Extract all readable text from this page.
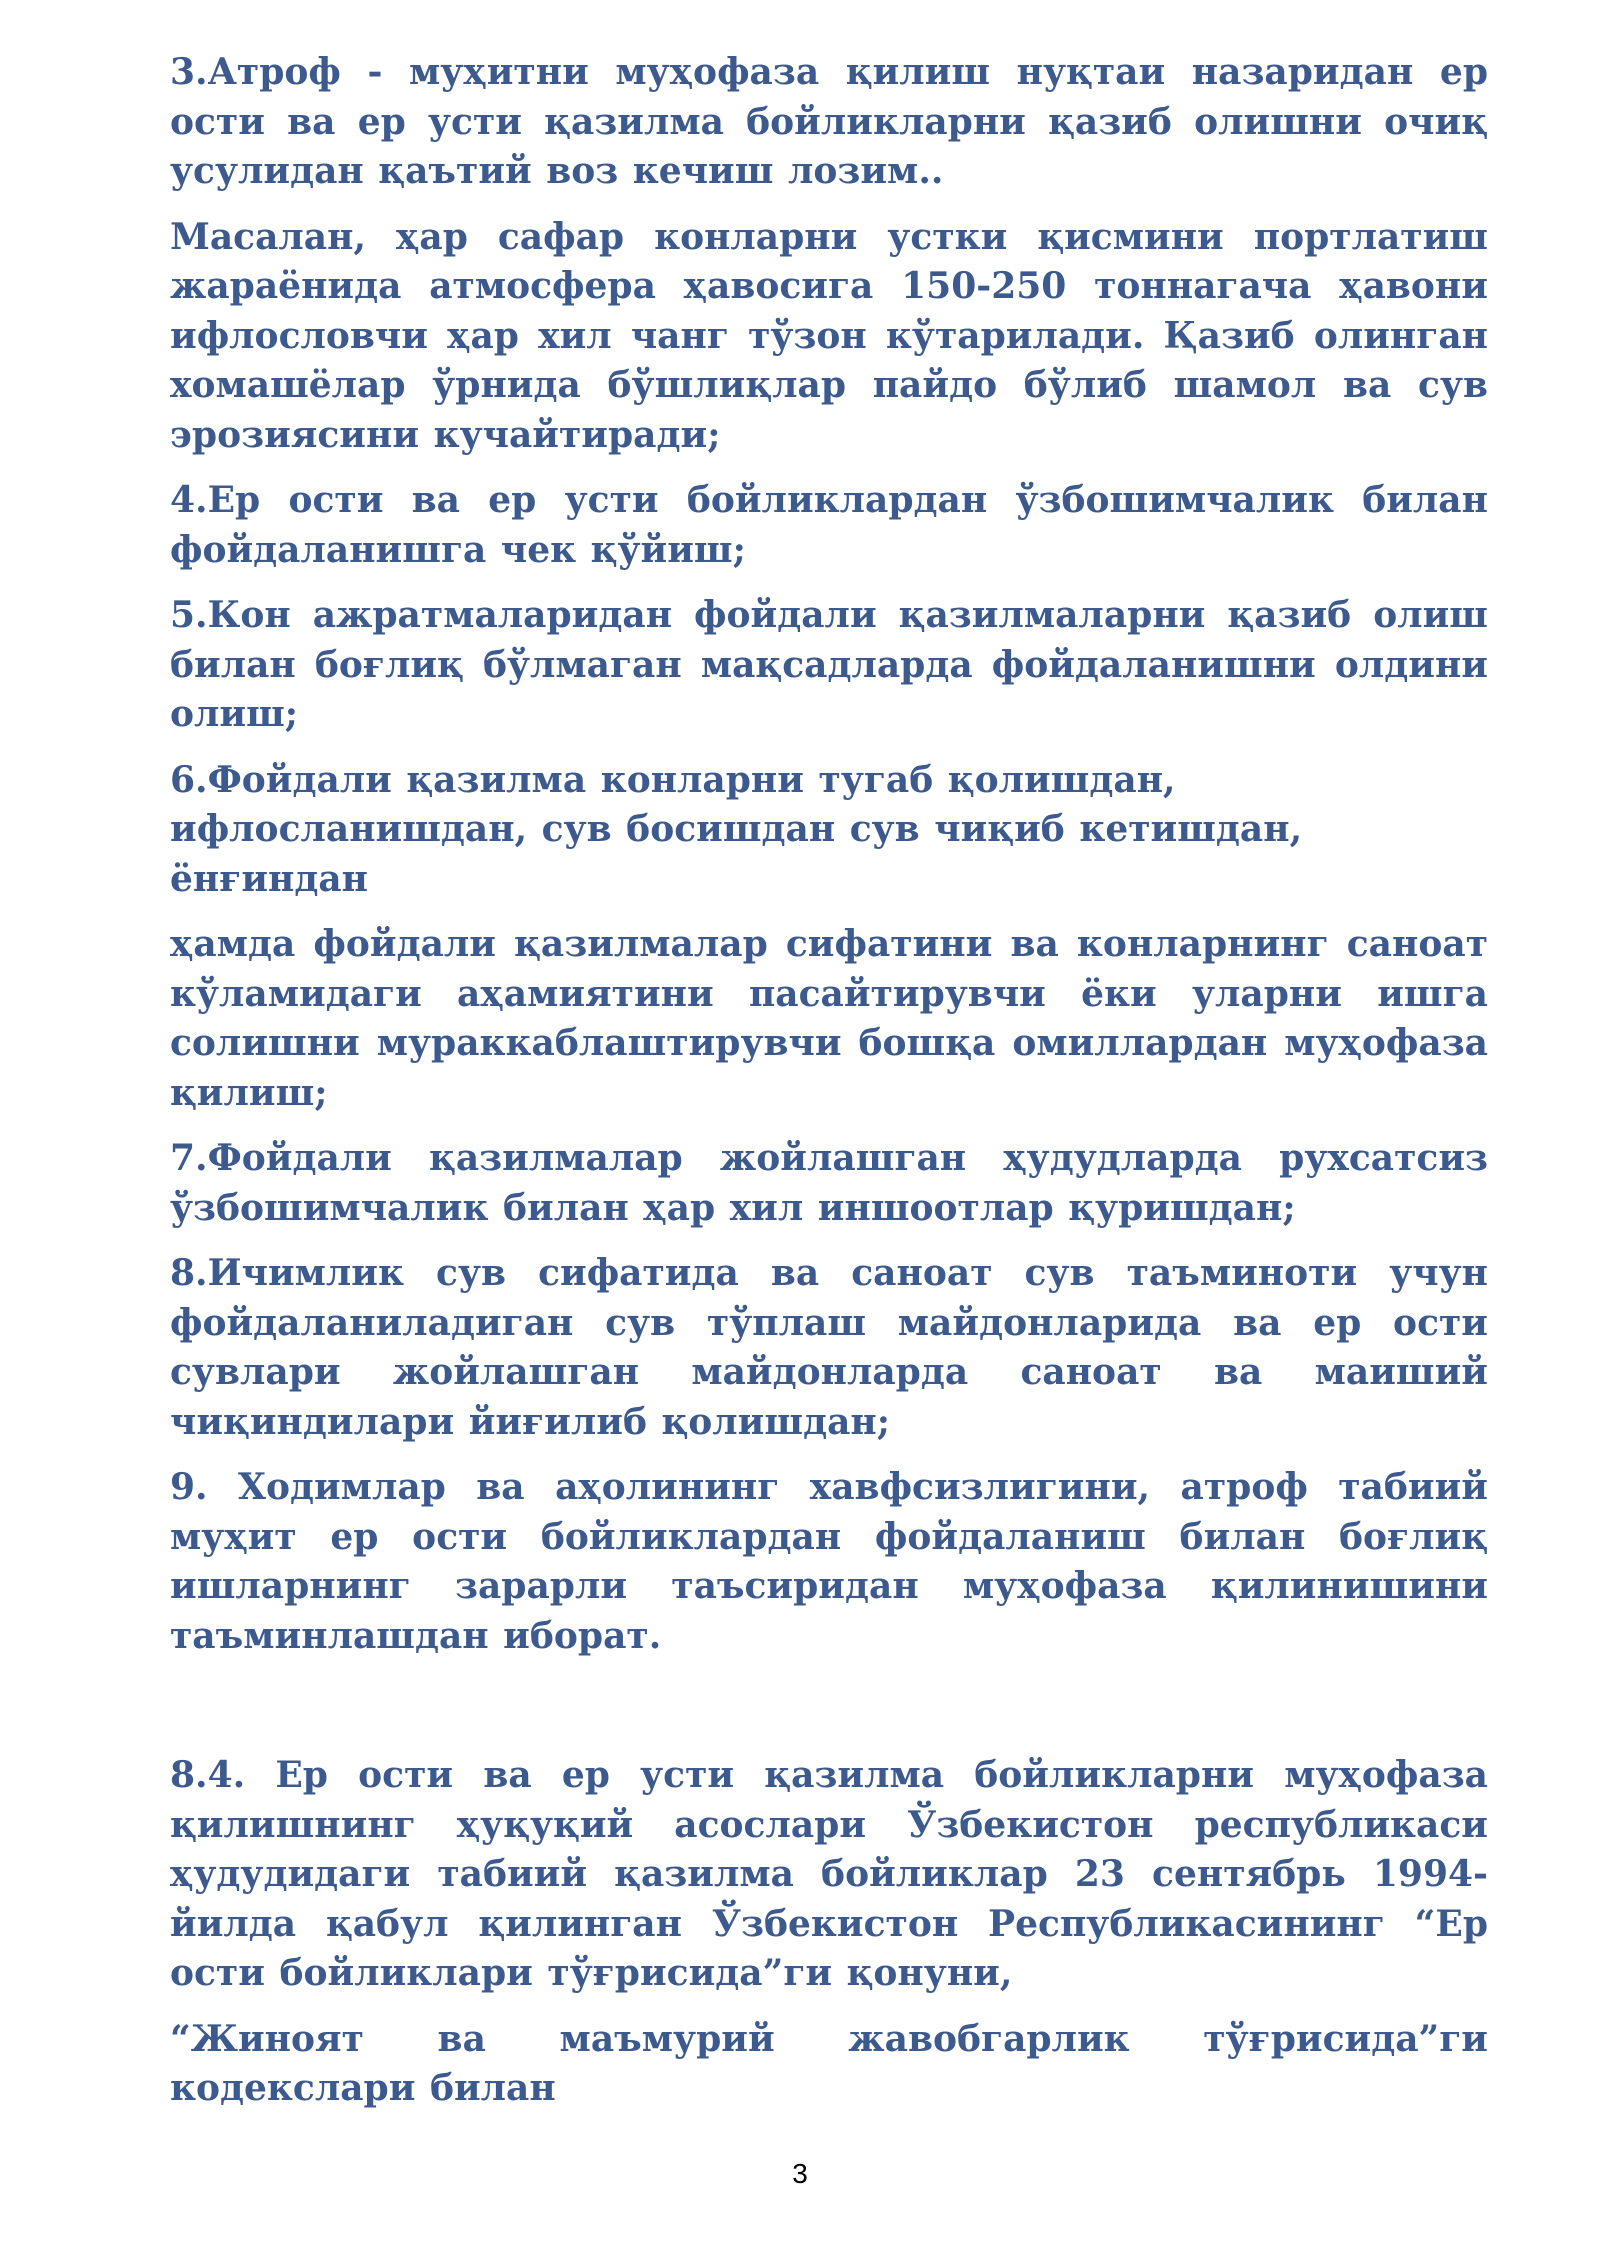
3.Атроф - муҳитни муҳофаза қилиш нуқтаи назаридан ер ости ва ер усти қазилма бойликларни қазиб олишни очиқ усулидан қаътий воз кечиш лозим..

Масалан, ҳар сафар конларни устки қисмини портлатиш жараёнида атмосфера ҳавосига 150-250 тоннагача ҳавони ифлословчи ҳар хил чанг тўзон кўтарилади. Қазиб олинган хомашёлар ўрнида бўшлиқлар пайдо бўлиб шамол ва сув эрозиясини кучайтиради;

4.Ер ости ва ер усти бойликлардан ўзбошимчалик билан фойдаланишга чек қўйиш;

5.Кон ажратмаларидан фойдали қазилмаларни қазиб олиш билан боғлиқ бўлмаган мақсадларда фойдаланишни олдини олиш;

6.Фойдали қазилма конларни тугаб қолишдан, ифлосланишдан, сув босишдан сув чиқиб кетишдан, ёнғиндан

ҳамда фойдали қазилмалар сифатини ва конларнинг саноат кўламидаги аҳамиятини пасайтирувчи ёки уларни ишга солишни мураккаблаштирувчи бошқа омиллардан муҳофаза қилиш;

7.Фойдали қазилмалар жойлашган ҳудудларда рухсатсиз ўзбошимчалик билан ҳар хил иншоотлар қуришдан;

8.Ичимлик сув сифатида ва саноат сув таъминоти учун фойдаланиладиган сув тўплаш майдонларида ва ер ости сувлари жойлашган майдонларда саноат ва маиший чиқиндилари йиғилиб қолишдан;

9. Ходимлар ва аҳолининг хавфсизлигини, атроф табиий муҳит ер ости бойликлардан фойдаланиш билан боғлиқ ишларнинг зарарли таъсиридан муҳофаза қилинишини таъминлашдан иборат.

8.4. Ер ости ва ер усти қазилма бойликларни муҳофаза қилишнинг ҳуқуқий асослари Ўзбекистон республикаси ҳудудидаги табиий қазилма бойликлар 23 сентябрь 1994-йилда қабул қилинган Ўзбекистон Республикасининг “Ер ости бойликлари тўғрисида”ги қонуни,

“Жиноят ва маъмурий жавобгарлик тўғрисида”ги кодекслари билан

3
